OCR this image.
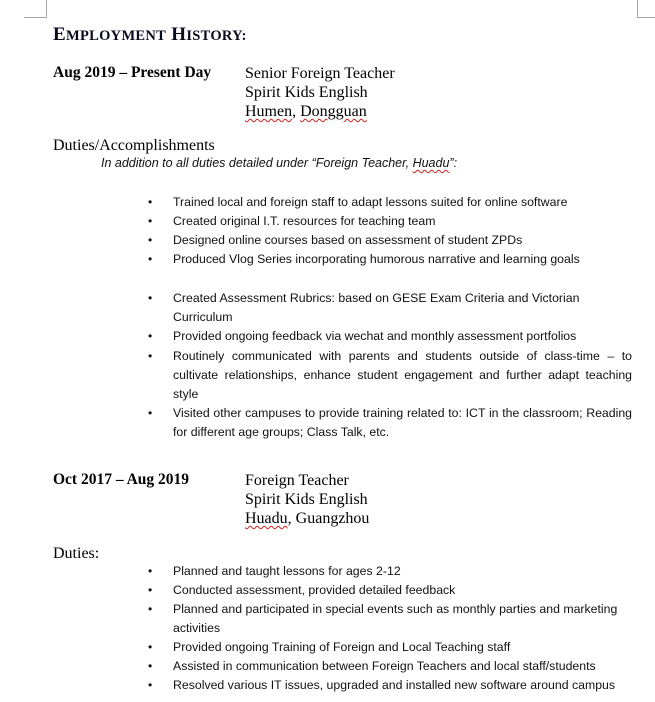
EMPLOYMENT HISTORY:
Aug 2019 – Present Day Senior Foreign Teacher
Spirit Kids English
Humen, Dongguan
Duties/Accomplishments
In addition to all duties detailed under “Foreign Teacher, Huadu”:
• Trained local and foreign staff to adapt lessons suited for online software
• Created original I.T. resources for teaching team
• Designed online courses based on assessment of student ZPDs
• Produced Vlog Series incorporating humorous narrative and learning goals
• Created Assessment Rubrics: based on GESE Exam Criteria and Victorian Curriculum
• Provided ongoing feedback via wechat and monthly assessment portfolios
• Routinely communicated with parents and students outside of class-time – to cultivate relationships, enhance student engagement and further adapt teaching style
• Visited other campuses to provide training related to: ICT in the classroom; Reading for different age groups; Class Talk, etc.
Oct 2017 – Aug 2019	Foreign Teacher
Spirit Kids English
Huadu, Guangzhou
Duties:
• Planned and taught lessons for ages 2-12
• Conducted assessment, provided detailed feedback
• Planned and participated in special events such as monthly parties and marketing activities
• Provided ongoing Training of Foreign and Local Teaching staff
• Assisted in communication between Foreign Teachers and local staff/students
• Resolved various IT issues, upgraded and installed new software around campus
